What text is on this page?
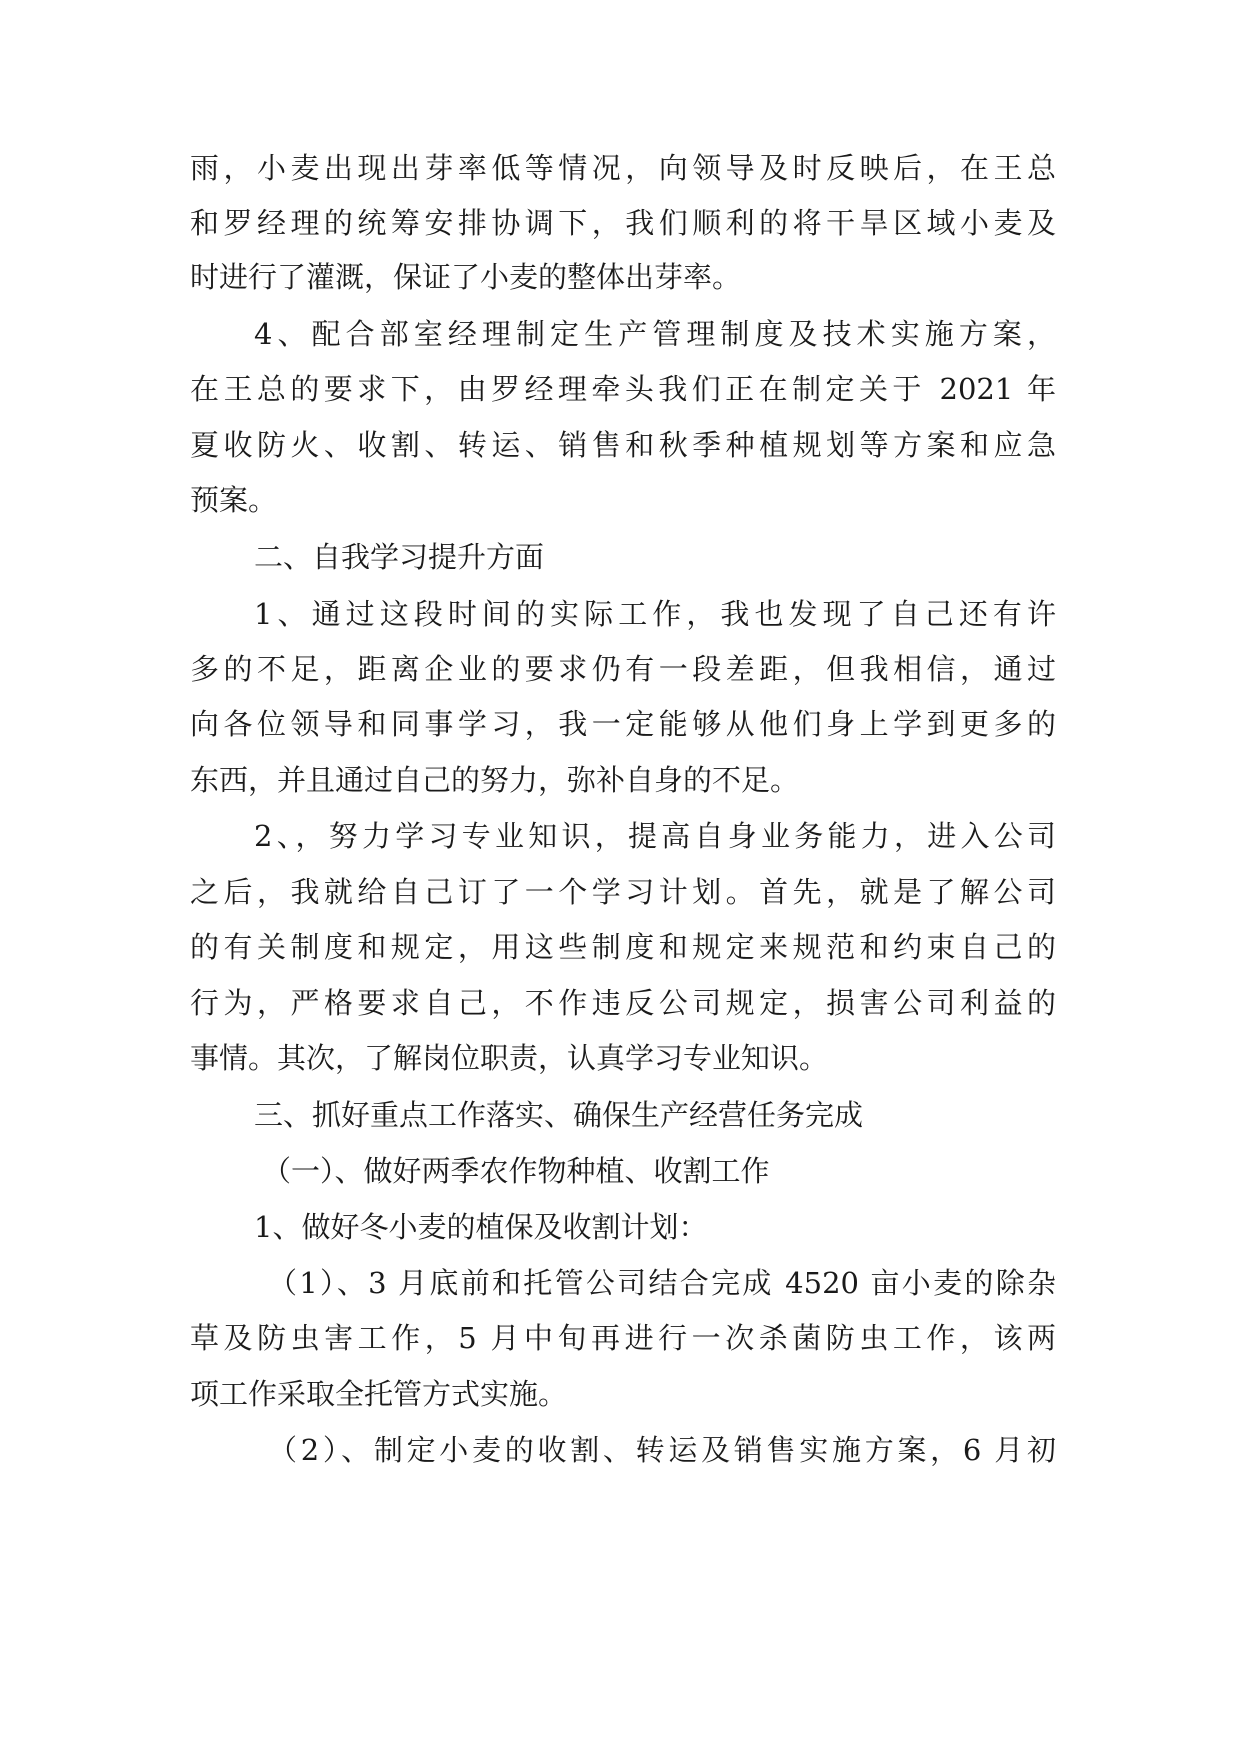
雨，小麦出现出芽率低等情况，向领导及时反映后，在王总

和罗经理的统筹安排协调下，我们顺利的将干旱区域小麦及

时进行了灌溉，保证了小麦的整体出芽率。

4、配合部室经理制定生产管理制度及技术实施方案，

在王总的要求下，由罗经理牵头我们正在制定关于 2021 年

夏收防火、收割、转运、销售和秋季种植规划等方案和应急

预案。

二、自我学习提升方面

1、通过这段时间的实际工作，我也发现了自己还有许

多的不足，距离企业的要求仍有一段差距，但我相信，通过

向各位领导和同事学习，我一定能够从他们身上学到更多的

东西，并且通过自己的努力，弥补自身的不足。

2、，努力学习专业知识，提高自身业务能力，进入公司

之后，我就给自己订了一个学习计划。首先，就是了解公司

的有关制度和规定，用这些制度和规定来规范和约束自己的

行为，严格要求自己，不作违反公司规定，损害公司利益的

事情。其次，了解岗位职责，认真学习专业知识。

三、抓好重点工作落实、确保生产经营任务完成

（一）、做好两季农作物种植、收割工作

1、做好冬小麦的植保及收割计划：

（1）、3 月底前和托管公司结合完成 4520 亩小麦的除杂

草及防虫害工作，5 月中旬再进行一次杀菌防虫工作，该两

项工作采取全托管方式实施。

（2）、制定小麦的收割、转运及销售实施方案，6 月初
